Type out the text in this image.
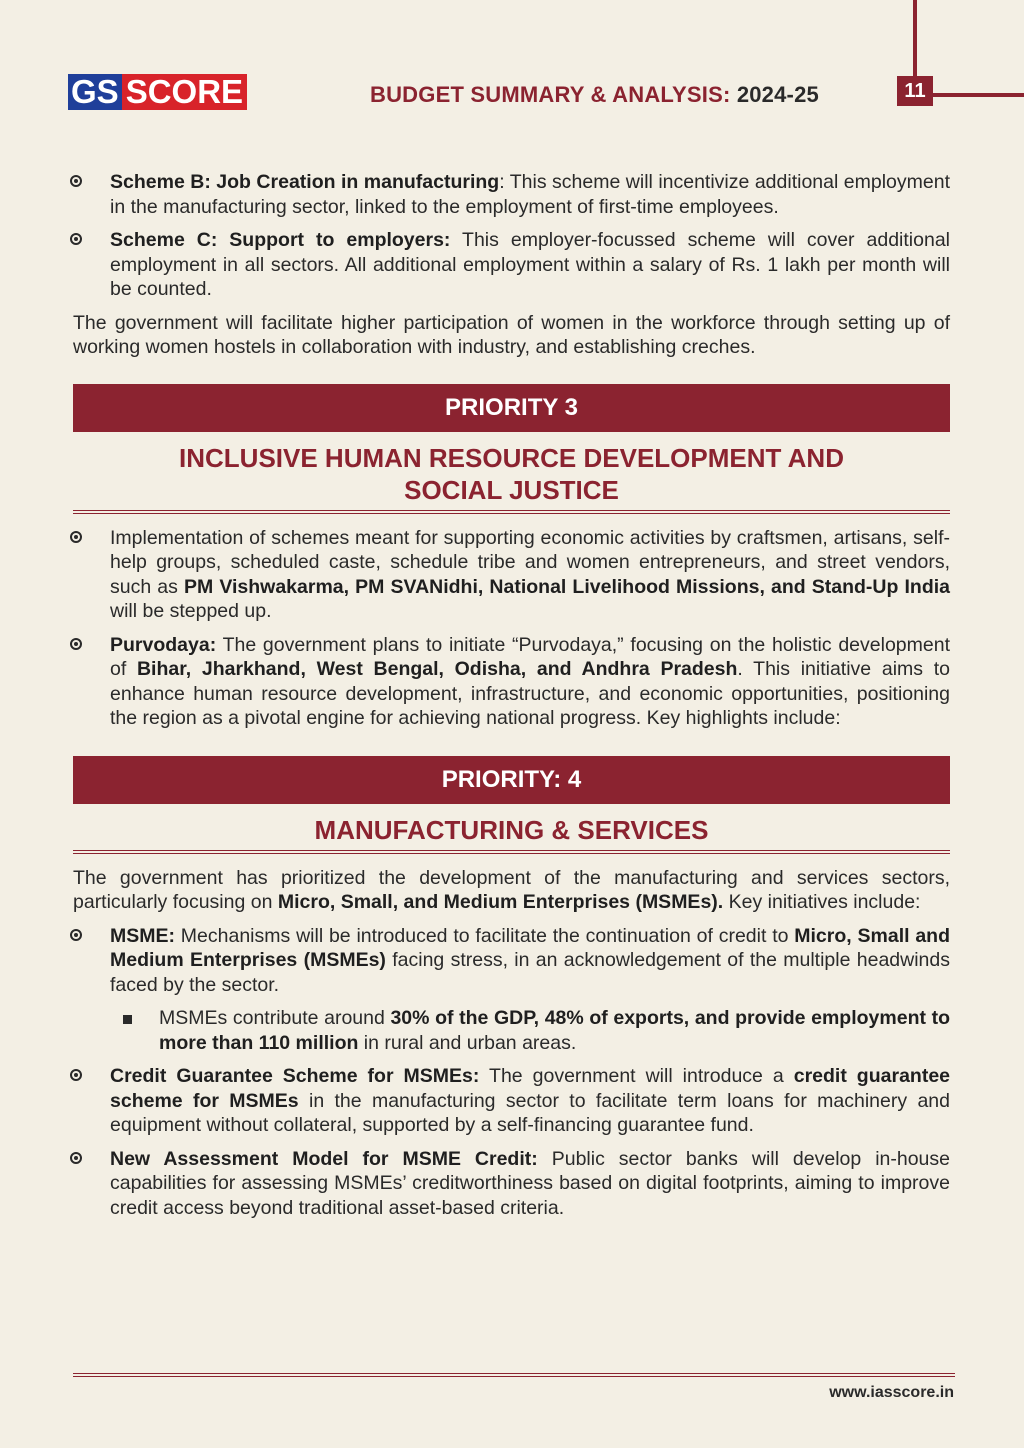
GS SCORE	BUDGET SUMMARY & ANALYSIS: 2024-25	11
Scheme B: Job Creation in manufacturing: This scheme will incentivize additional employment in the manufacturing sector, linked to the employment of first-time employees.
Scheme C: Support to employers: This employer-focussed scheme will cover additional employment in all sectors. All additional employment within a salary of Rs. 1 lakh per month will be counted.

The government will facilitate higher participation of women in the workforce through setting up of working women hostels in collaboration with industry, and establishing creches.

PRIORITY 3
INCLUSIVE HUMAN RESOURCE DEVELOPMENT AND
SOCIAL JUSTICE
Implementation of schemes meant for supporting economic activities by craftsmen, artisans, self-help groups, scheduled caste, schedule tribe and women entrepreneurs, and street vendors, such as PM Vishwakarma, PM SVANidhi, National Livelihood Missions, and Stand-Up India will be stepped up.
Purvodaya: The government plans to initiate “Purvodaya,” focusing on the holistic development of Bihar, Jharkhand, West Bengal, Odisha, and Andhra Pradesh. This initiative aims to enhance human resource development, infrastructure, and economic opportunities, positioning the region as a pivotal engine for achieving national progress. Key highlights include:
PRIORITY: 4
MANUFACTURING & SERVICES

The government has prioritized the development of the manufacturing and services sectors, particularly focusing on Micro, Small, and Medium Enterprises (MSMEs). Key initiatives include:

MSME: Mechanisms will be introduced to facilitate the continuation of credit to Micro, Small and Medium Enterprises (MSMEs) facing stress, in an acknowledgement of the multiple headwinds faced by the sector.
MSMEs contribute around 30% of the GDP, 48% of exports, and provide employment to more than 110 million in rural and urban areas.
Credit Guarantee Scheme for MSMEs: The government will introduce a credit guarantee scheme for MSMEs in the manufacturing sector to facilitate term loans for machinery and equipment without collateral, supported by a self-financing guarantee fund.
New Assessment Model for MSME Credit: Public sector banks will develop in-house capabilities for assessing MSMEs’ creditworthiness based on digital footprints, aiming to improve credit access beyond traditional asset-based criteria.
www.iasscore.in
